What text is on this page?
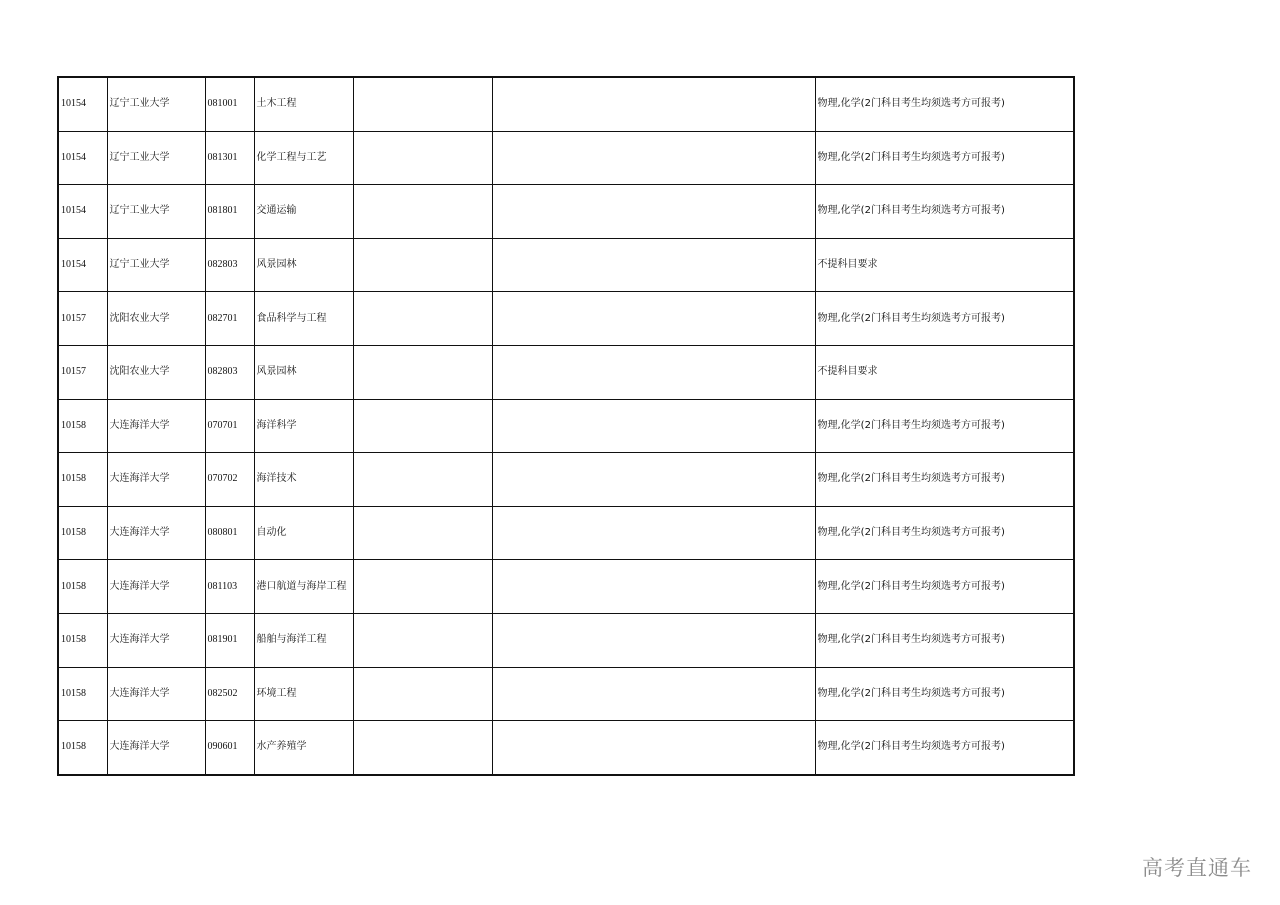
10154	辽宁工业大学	081001	土木工程			物理,化学(2门科目考生均须选考方可报考)
10154	辽宁工业大学	081301	化学工程与工艺			物理,化学(2门科目考生均须选考方可报考)
10154	辽宁工业大学	081801	交通运输			物理,化学(2门科目考生均须选考方可报考)
10154	辽宁工业大学	082803	风景园林			不提科目要求
10157	沈阳农业大学	082701	食品科学与工程			物理,化学(2门科目考生均须选考方可报考)
10157	沈阳农业大学	082803	风景园林			不提科目要求
10158	大连海洋大学	070701	海洋科学			物理,化学(2门科目考生均须选考方可报考)
10158	大连海洋大学	070702	海洋技术			物理,化学(2门科目考生均须选考方可报考)
10158	大连海洋大学	080801	自动化			物理,化学(2门科目考生均须选考方可报考)
10158	大连海洋大学	081103	港口航道与海岸工程			物理,化学(2门科目考生均须选考方可报考)
10158	大连海洋大学	081901	船舶与海洋工程			物理,化学(2门科目考生均须选考方可报考)
10158	大连海洋大学	082502	环境工程			物理,化学(2门科目考生均须选考方可报考)
10158	大连海洋大学	090601	水产养殖学			物理,化学(2门科目考生均须选考方可报考)
高考直通车
